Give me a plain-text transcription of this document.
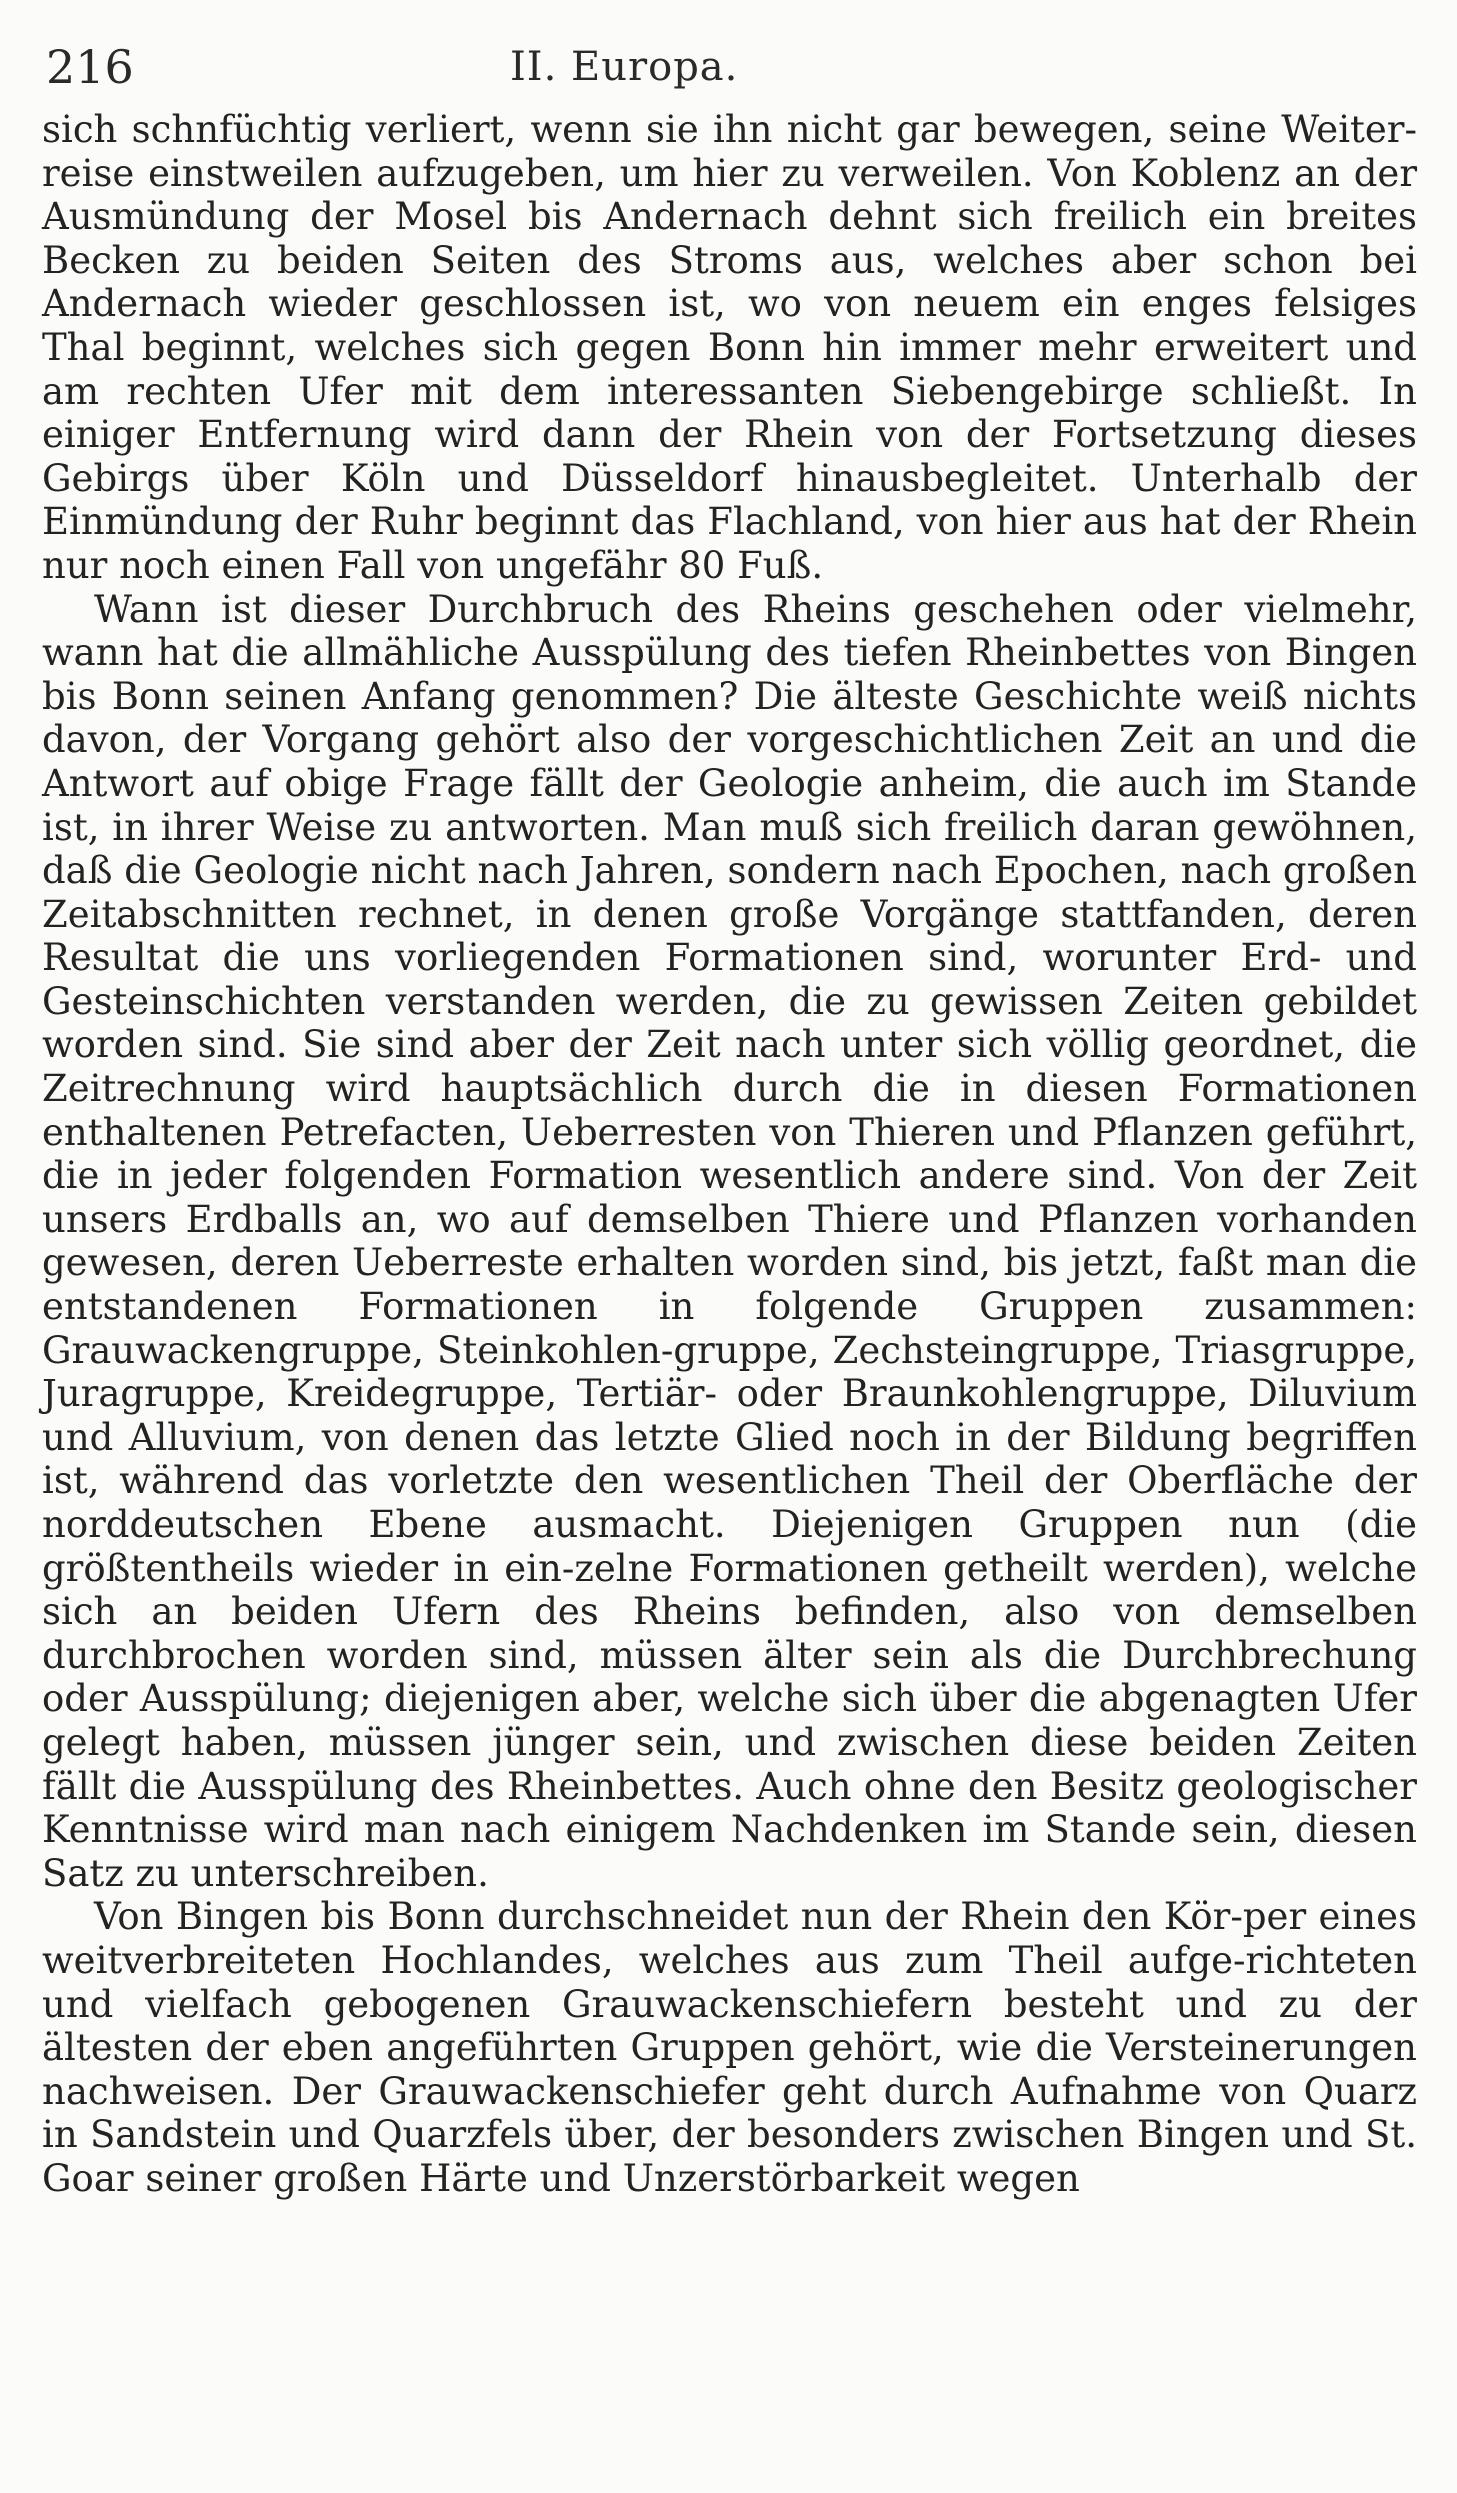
216	II. Europa.

sich schnfüchtig verliert, wenn sie ihn nicht gar bewegen, seine Weiter-reise einstweilen aufzugeben, um hier zu verweilen. Von Koblenz an der Ausmündung der Mosel bis Andernach dehnt sich freilich ein breites Becken zu beiden Seiten des Stroms aus, welches aber schon bei Andernach wieder geschlossen ist, wo von neuem ein enges felsiges Thal beginnt, welches sich gegen Bonn hin immer mehr erweitert und am rechten Ufer mit dem interessanten Siebengebirge schließt. In einiger Entfernung wird dann der Rhein von der Fortsetzung dieses Gebirgs über Köln und Düsseldorf hinausbegleitet. Unterhalb der Einmündung der Ruhr beginnt das Flachland, von hier aus hat der Rhein nur noch einen Fall von ungefähr 80 Fuß.

Wann ist dieser Durchbruch des Rheins geschehen oder vielmehr, wann hat die allmähliche Ausspülung des tiefen Rheinbettes von Bingen bis Bonn seinen Anfang genommen? Die älteste Geschichte weiß nichts davon, der Vorgang gehört also der vorgeschichtlichen Zeit an und die Antwort auf obige Frage fällt der Geologie anheim, die auch im Stande ist, in ihrer Weise zu antworten. Man muß sich freilich daran gewöhnen, daß die Geologie nicht nach Jahren, sondern nach Epochen, nach großen Zeitabschnitten rechnet, in denen große Vorgänge stattfanden, deren Resultat die uns vorliegenden Formationen sind, worunter Erd- und Gesteinschichten verstanden werden, die zu gewissen Zeiten gebildet worden sind. Sie sind aber der Zeit nach unter sich völlig geordnet, die Zeitrechnung wird hauptsächlich durch die in diesen Formationen enthaltenen Petrefacten, Ueberresten von Thieren und Pflanzen geführt, die in jeder folgenden Formation wesentlich andere sind. Von der Zeit unsers Erdballs an, wo auf demselben Thiere und Pflanzen vorhanden gewesen, deren Ueberreste erhalten worden sind, bis jetzt, faßt man die entstandenen Formationen in folgende Gruppen zusammen: Grauwackengruppe, Steinkohlen-gruppe, Zechsteingruppe, Triasgruppe, Juragruppe, Kreidegruppe, Tertiär- oder Braunkohlengruppe, Diluvium und Alluvium, von denen das letzte Glied noch in der Bildung begriffen ist, während das vorletzte den wesentlichen Theil der Oberfläche der norddeutschen Ebene ausmacht. Diejenigen Gruppen nun (die größtentheils wieder in ein-zelne Formationen getheilt werden), welche sich an beiden Ufern des Rheins befinden, also von demselben durchbrochen worden sind, müssen älter sein als die Durchbrechung oder Ausspülung; diejenigen aber, welche sich über die abgenagten Ufer gelegt haben, müssen jünger sein, und zwischen diese beiden Zeiten fällt die Ausspülung des Rheinbettes. Auch ohne den Besitz geologischer Kenntnisse wird man nach einigem Nachdenken im Stande sein, diesen Satz zu unterschreiben.

Von Bingen bis Bonn durchschneidet nun der Rhein den Kör-per eines weitverbreiteten Hochlandes, welches aus zum Theil aufge-richteten und vielfach gebogenen Grauwackenschiefern besteht und zu der ältesten der eben angeführten Gruppen gehört, wie die Versteinerungen nachweisen. Der Grauwackenschiefer geht durch Aufnahme von Quarz in Sandstein und Quarzfels über, der besonders zwischen Bingen und St. Goar seiner großen Härte und Unzerstörbarkeit wegen
